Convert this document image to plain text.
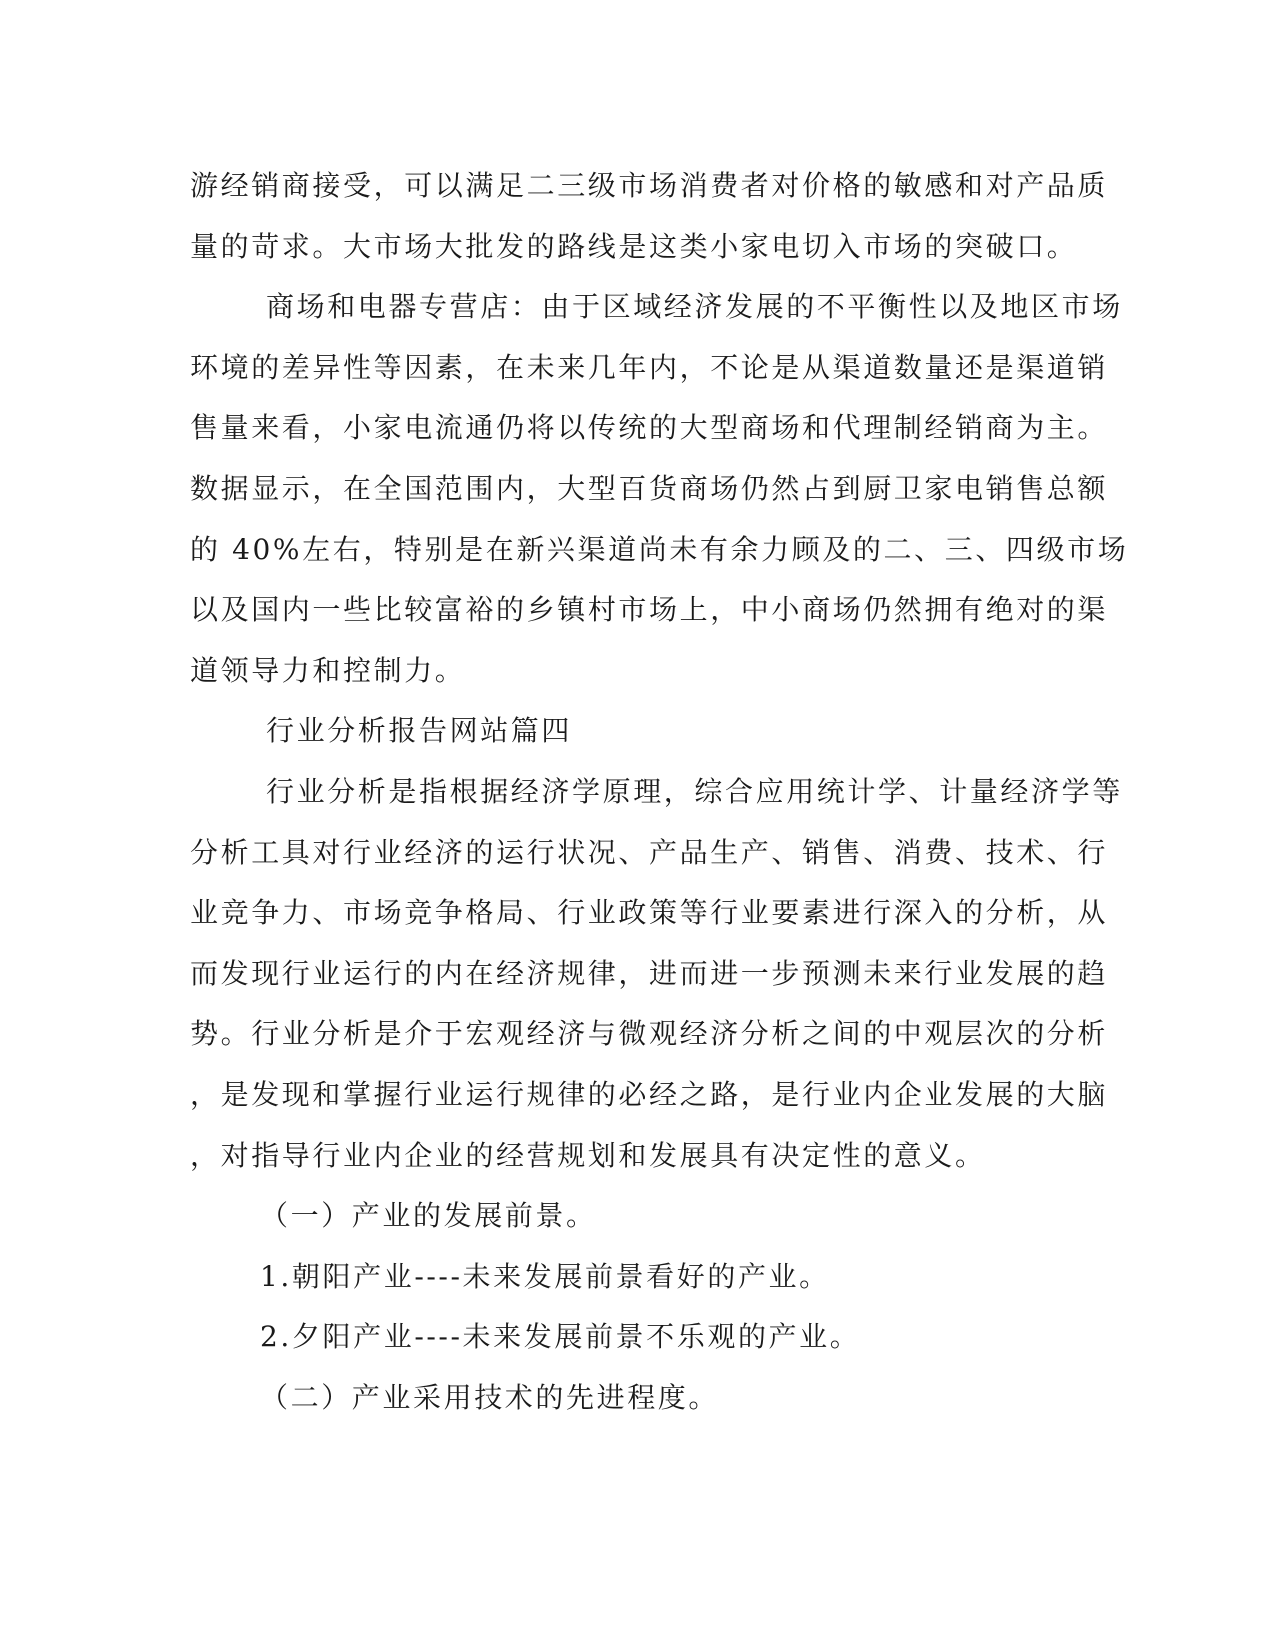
游经销商接受，可以满足二三级市场消费者对价格的敏感和对产品质
量的苛求。大市场大批发的路线是这类小家电切入市场的突破口。
商场和电器专营店：由于区域经济发展的不平衡性以及地区市场
环境的差异性等因素，在未来几年内，不论是从渠道数量还是渠道销
售量来看，小家电流通仍将以传统的大型商场和代理制经销商为主。
数据显示，在全国范围内，大型百货商场仍然占到厨卫家电销售总额
的 40%左右，特别是在新兴渠道尚未有余力顾及的二、三、四级市场
以及国内一些比较富裕的乡镇村市场上，中小商场仍然拥有绝对的渠
道领导力和控制力。
行业分析报告网站篇四
行业分析是指根据经济学原理，综合应用统计学、计量经济学等
分析工具对行业经济的运行状况、产品生产、销售、消费、技术、行
业竞争力、市场竞争格局、行业政策等行业要素进行深入的分析，从
而发现行业运行的内在经济规律，进而进一步预测未来行业发展的趋
势。行业分析是介于宏观经济与微观经济分析之间的中观层次的分析
，是发现和掌握行业运行规律的必经之路，是行业内企业发展的大脑
，对指导行业内企业的经营规划和发展具有决定性的意义。
（一）产业的发展前景。
1.朝阳产业----未来发展前景看好的产业。
2.夕阳产业----未来发展前景不乐观的产业。
（二）产业采用技术的先进程度。
